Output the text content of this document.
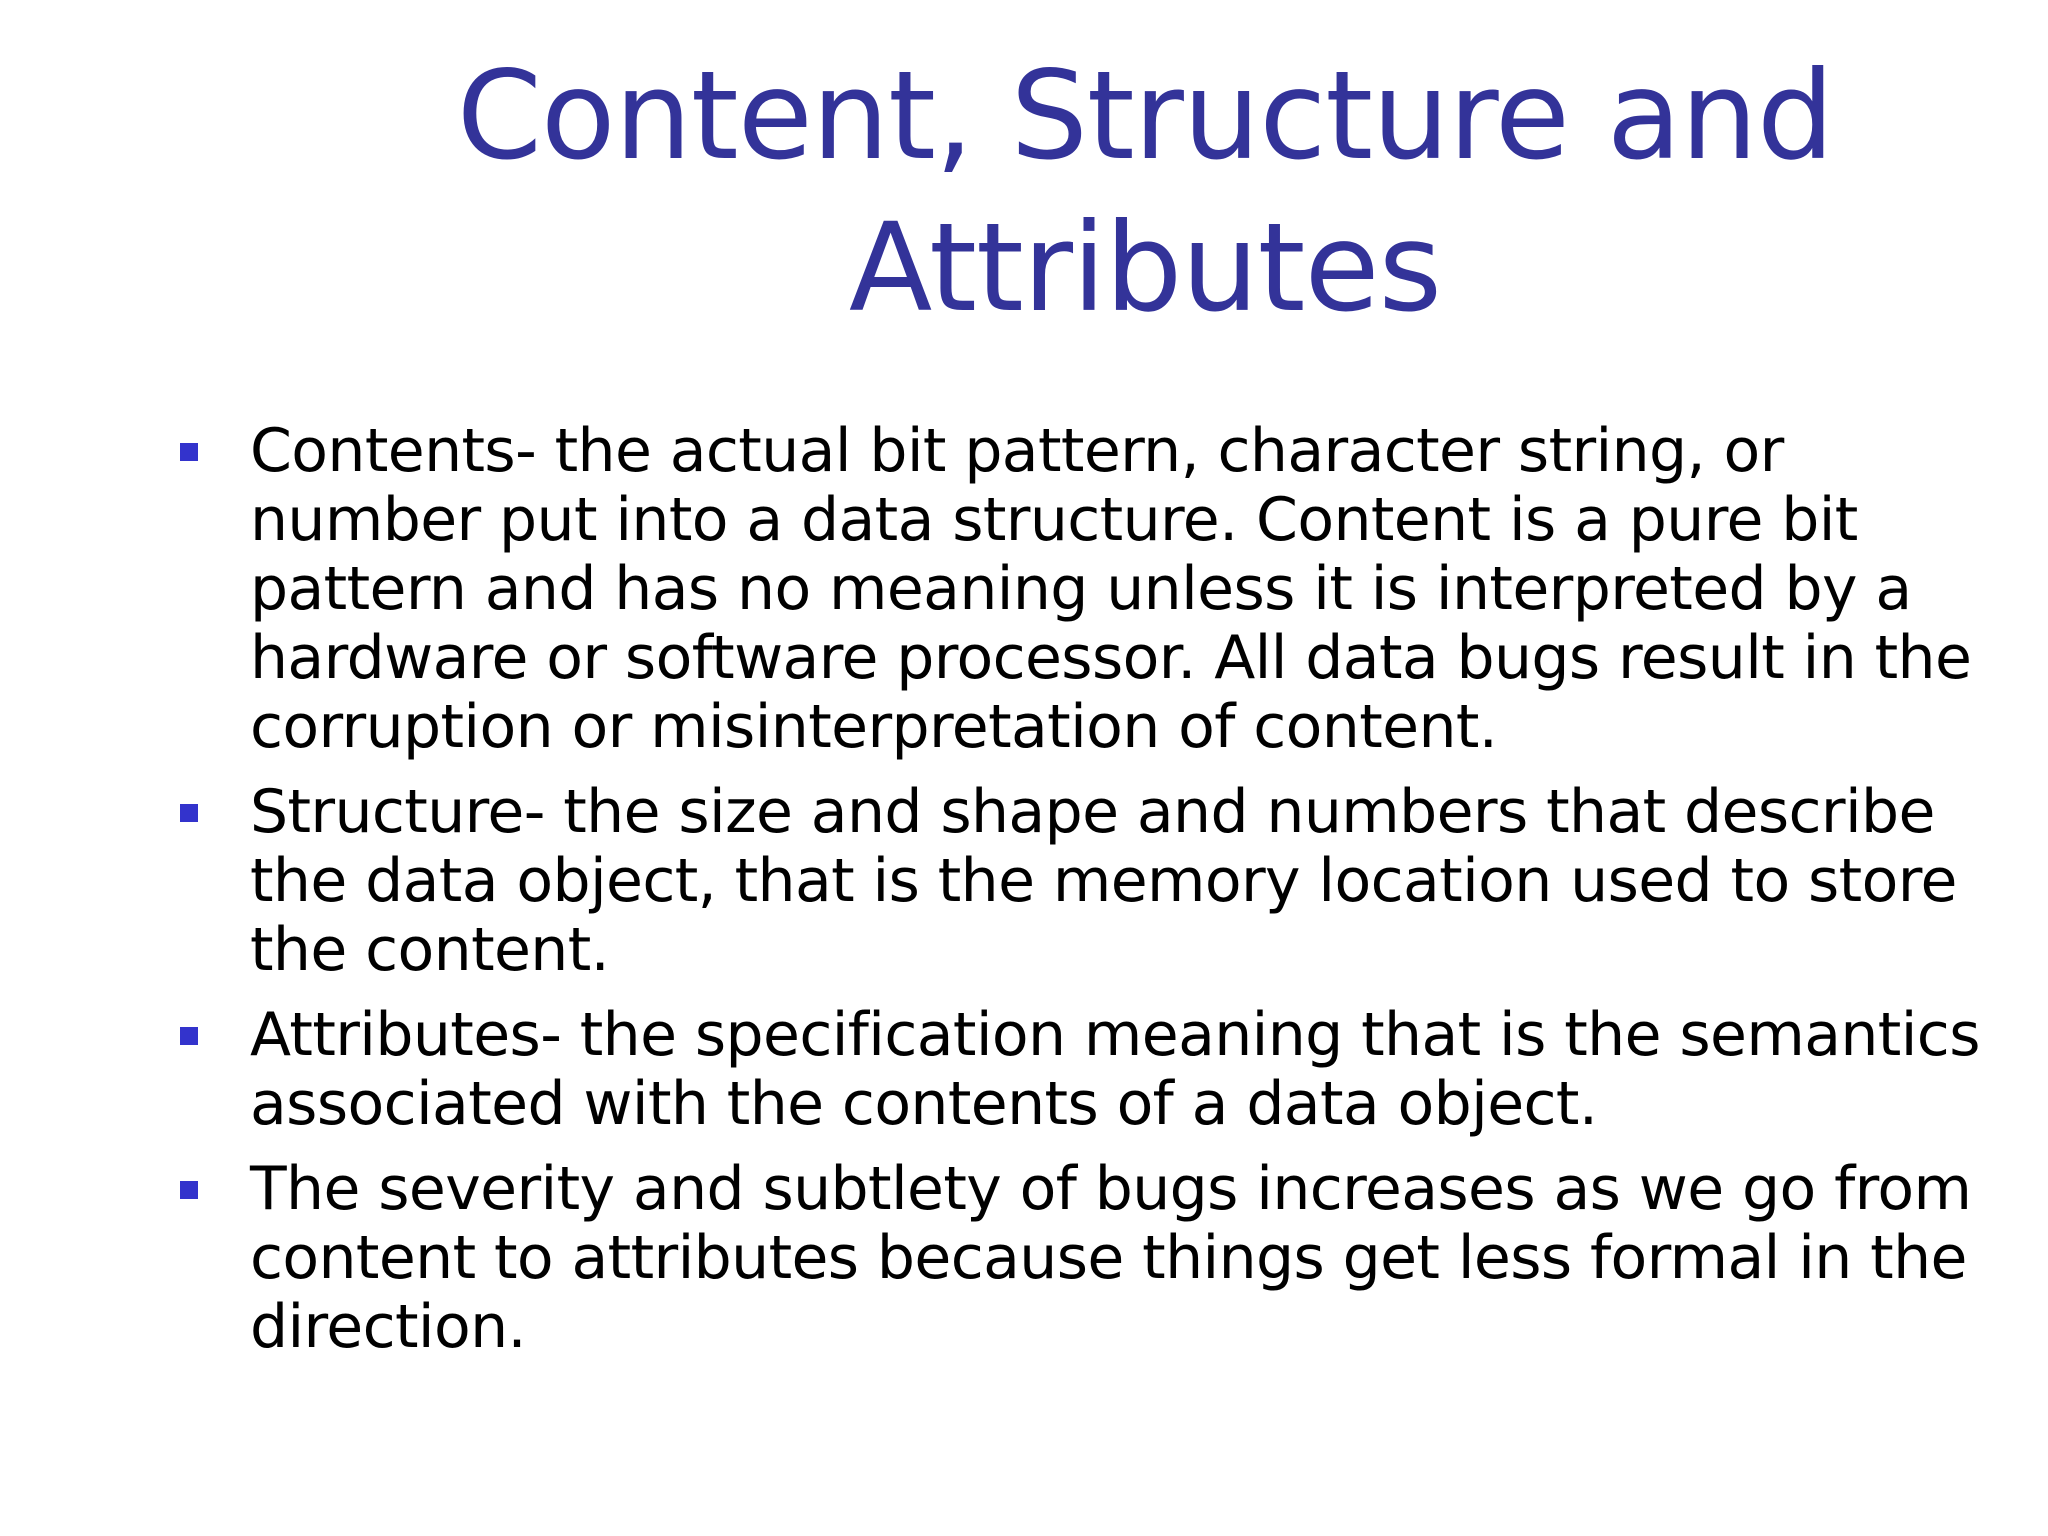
Content, Structure and
Attributes
Contents- the actual bit pattern, character string, or number put into a data structure. Content is a pure bit pattern and has no meaning unless it is interpreted by a hardware or software processor. All data bugs result in the corruption or misinterpretation of content.
Structure- the size and shape and numbers that describe the data object, that is the memory location used to store the content.
Attributes- the specification meaning that is the semantics associated with the contents of a data object.
The severity and subtlety of bugs increases as we go from content to attributes because things get less formal in the direction.
